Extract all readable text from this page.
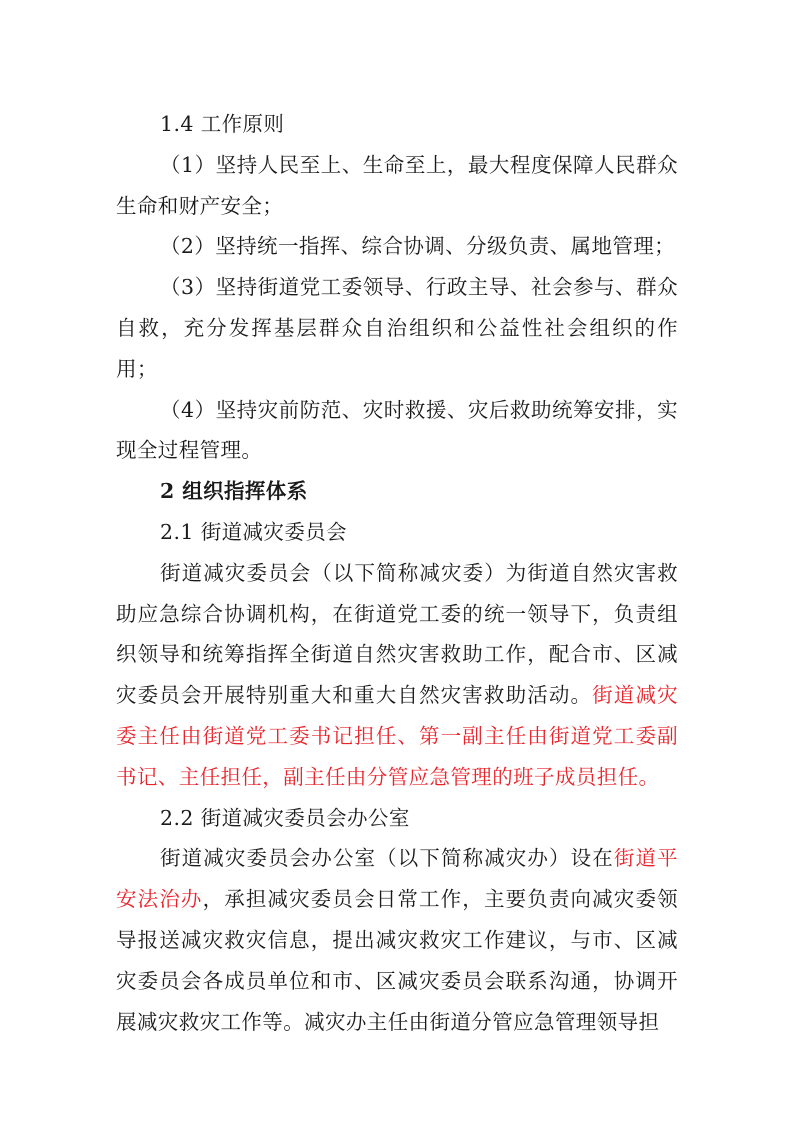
1.4 工作原则

（1）坚持人民至上、生命至上，最大程度保障人民群众生命和财产安全；

（2）坚持统一指挥、综合协调、分级负责、属地管理；

（3）坚持街道党工委领导、行政主导、社会参与、群众自救，充分发挥基层群众自治组织和公益性社会组织的作用；

（4）坚持灾前防范、灾时救援、灾后救助统筹安排，实现全过程管理。

2 组织指挥体系

2.1 街道减灾委员会

街道减灾委员会（以下简称减灾委）为街道自然灾害救助应急综合协调机构，在街道党工委的统一领导下，负责组织领导和统筹指挥全街道自然灾害救助工作，配合市、区减灾委员会开展特别重大和重大自然灾害救助活动。街道减灾委主任由街道党工委书记担任、第一副主任由街道党工委副书记、主任担任，副主任由分管应急管理的班子成员担任。

2.2 街道减灾委员会办公室

街道减灾委员会办公室（以下简称减灾办）设在街道平安法治办，承担减灾委员会日常工作，主要负责向减灾委领导报送减灾救灾信息，提出减灾救灾工作建议，与市、区减灾委员会各成员单位和市、区减灾委员会联系沟通，协调开展减灾救灾工作等。减灾办主任由街道分管应急管理领导担
